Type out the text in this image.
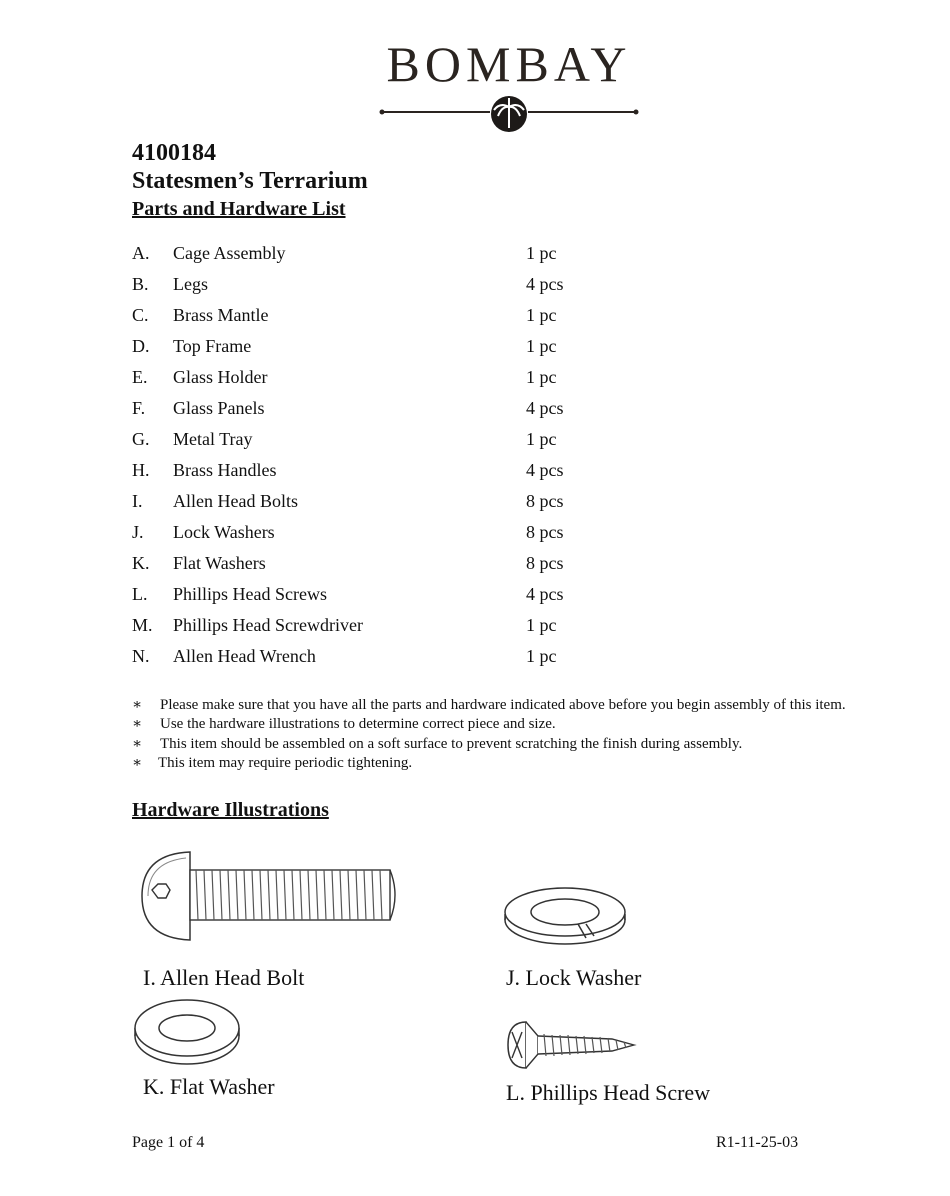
BOMBAY
4100184
Statesmen’s Terrarium
Parts and Hardware List
A. Cage Assembly	1 pc
B. Legs	4 pcs
C. Brass Mantle	1 pc
D. Top Frame	1 pc
E. Glass Holder	1 pc
F. Glass Panels	4 pcs
G. Metal Tray	1 pc
H. Brass Handles	4 pcs
I. Allen Head Bolts	8 pcs
J. Lock Washers	8 pcs
K. Flat Washers	8 pcs
L. Phillips Head Screws	4 pcs
M. Phillips Head Screwdriver	1 pc
N. Allen Head Wrench	1 pc
∗ Please make sure that you have all the parts and hardware indicated above before you begin assembly of this item.
∗ Use the hardware illustrations to determine correct piece and size.
∗ This item should be assembled on a soft surface to prevent scratching the finish during assembly.
∗ This item may require periodic tightening.
Hardware Illustrations
I. Allen Head Bolt	J. Lock Washer
K. Flat Washer	L. Phillips Head Screw
Page 1 of 4	R1-11-25-03
